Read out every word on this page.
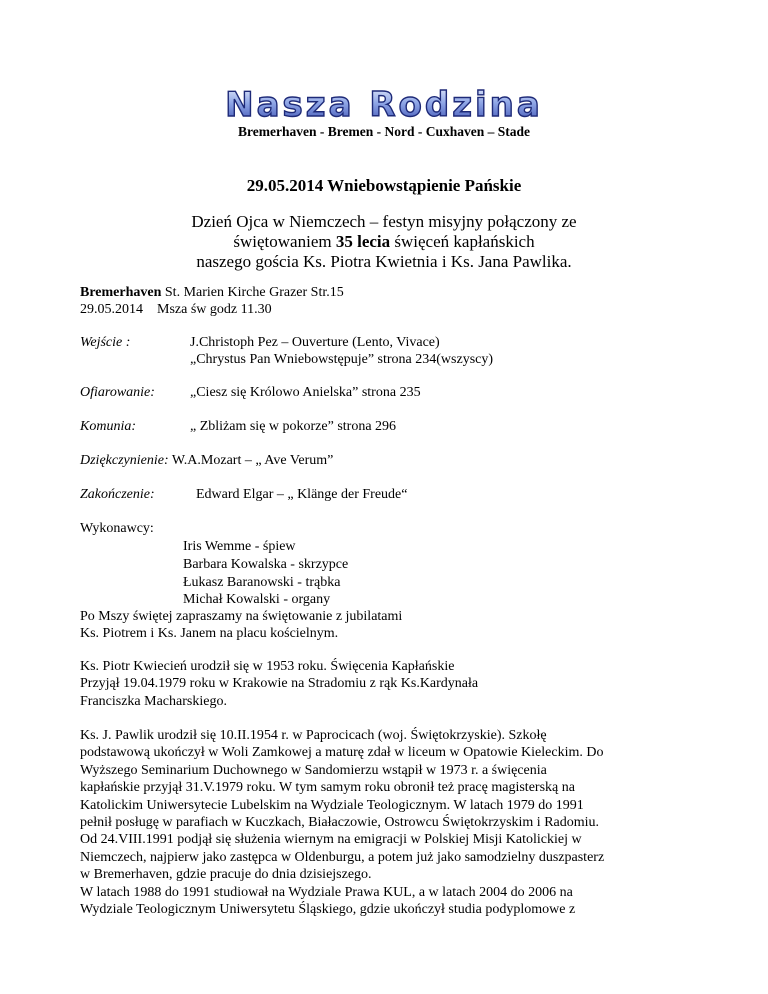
Nasza Rodzina
Bremerhaven - Bremen - Nord - Cuxhaven – Stade
29.05.2014 Wniebowstąpienie Pańskie
Dzień Ojca w Niemczech – festyn misyjny połączony ze
świętowaniem 35 lecia święceń kapłańskich
naszego gościa Ks. Piotra Kwietnia i Ks. Jana Pawlika.
Bremerhaven St. Marien Kirche Grazer Str.15
29.05.2014 Msza św godz 11.30
Wejście :	J.Christoph Pez – Ouverture (Lento, Vivace)
„Chrystus Pan Wniebowstępuje” strona 234(wszyscy)
Ofiarowanie:	„Ciesz się Królowo Anielska” strona 235
Komunia:	„ Zbliżam się w pokorze” strona 296
Dziękczynienie: W.A.Mozart – „ Ave Verum”
Zakończenie:	Edward Elgar – „ Klänge der Freude“
Wykonawcy:
Iris Wemme - śpiew
Barbara Kowalska - skrzypce
Łukasz Baranowski - trąbka
Michał Kowalski - organy
Po Mszy świętej zapraszamy na świętowanie z jubilatami
Ks. Piotrem i Ks. Janem na placu kościelnym.
Ks. Piotr Kwiecień urodził się w 1953 roku. Święcenia Kapłańskie
Przyjął 19.04.1979 roku w Krakowie na Stradomiu z rąk Ks.Kardynała
Franciszka Macharskiego.
Ks. J. Pawlik urodził się 10.II.1954 r. w Paprocicach (woj. Świętokrzyskie). Szkołę
podstawową ukończył w Woli Zamkowej a maturę zdał w liceum w Opatowie Kieleckim. Do
Wyższego Seminarium Duchownego w Sandomierzu wstąpił w 1973 r. a święcenia
kapłańskie przyjął 31.V.1979 roku. W tym samym roku obronił też pracę magisterską na
Katolickim Uniwersytecie Lubelskim na Wydziale Teologicznym. W latach 1979 do 1991
pełnił posługę w parafiach w Kuczkach, Białaczowie, Ostrowcu Świętokrzyskim i Radomiu.
Od 24.VIII.1991 podjął się służenia wiernym na emigracji w Polskiej Misji Katolickiej w
Niemczech, najpierw jako zastępca w Oldenburgu, a potem już jako samodzielny duszpasterz
w Bremerhaven, gdzie pracuje do dnia dzisiejszego.
W latach 1988 do 1991 studiował na Wydziale Prawa KUL, a w latach 2004 do 2006 na
Wydziale Teologicznym Uniwersytetu Śląskiego, gdzie ukończył studia podyplomowe z
